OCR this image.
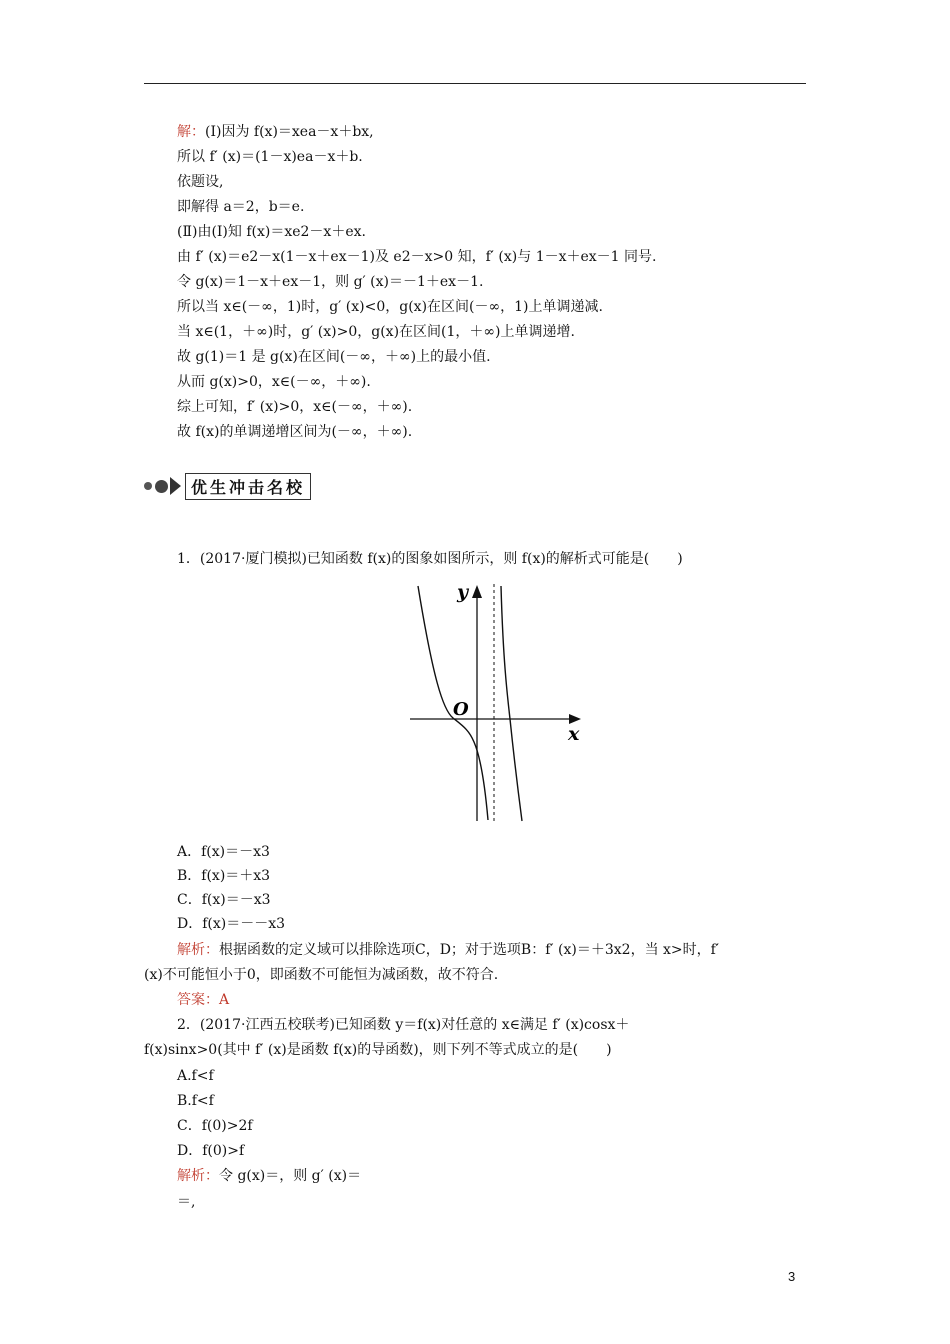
解： (Ⅰ)因为 f(x)＝xea－x＋bx,
所以 f′ (x)＝(1－x)ea－x＋b.
依题设,
即解得 a＝2，b＝e.
(Ⅱ)由(Ⅰ)知 f(x)＝xe2－x＋ex.
由 f′ (x)＝e2－x(1－x＋ex－1)及 e2－x>0 知，f′ (x)与 1－x＋ex－1 同号.
令 g(x)＝1－x＋ex－1，则 g′ (x)＝－1＋ex－1.
所以当 x∈(－∞，1)时，g′ (x)<0，g(x)在区间(－∞，1)上单调递减.
当 x∈(1，＋∞)时，g′ (x)>0，g(x)在区间(1，＋∞)上单调递增.
故 g(1)＝1 是 g(x)在区间(－∞，＋∞)上的最小值.
从而 g(x)>0，x∈(－∞，＋∞).
综上可知，f′ (x)>0，x∈(－∞，＋∞).
故 f(x)的单调递增区间为(－∞，＋∞).
优生冲击名校
1．(2017·厦门模拟)已知函数 f(x)的图象如图所示，则 f(x)的解析式可能是(　　)
y
x
O
A．f(x)＝－x3
B．f(x)＝＋x3
C．f(x)＝－x3
D．f(x)＝－－x3
解析： 根据函数的定义域可以排除选项C，D；对于选项B：f′ (x)＝＋3x2，当 x>时，f′
(x)不可能恒小于0，即函数不可能恒为减函数，故不符合.
答案：A
2．(2017·江西五校联考)已知函数 y＝f(x)对任意的 x∈满足 f′ (x)cosx＋
f(x)sinx>0(其中 f′ (x)是函数 f(x)的导函数)，则下列不等式成立的是(　　)
A.f<f
B.f<f
C．f(0)>2f
D．f(0)>f
解析： 令 g(x)＝，则 g′ (x)＝
＝,
3
